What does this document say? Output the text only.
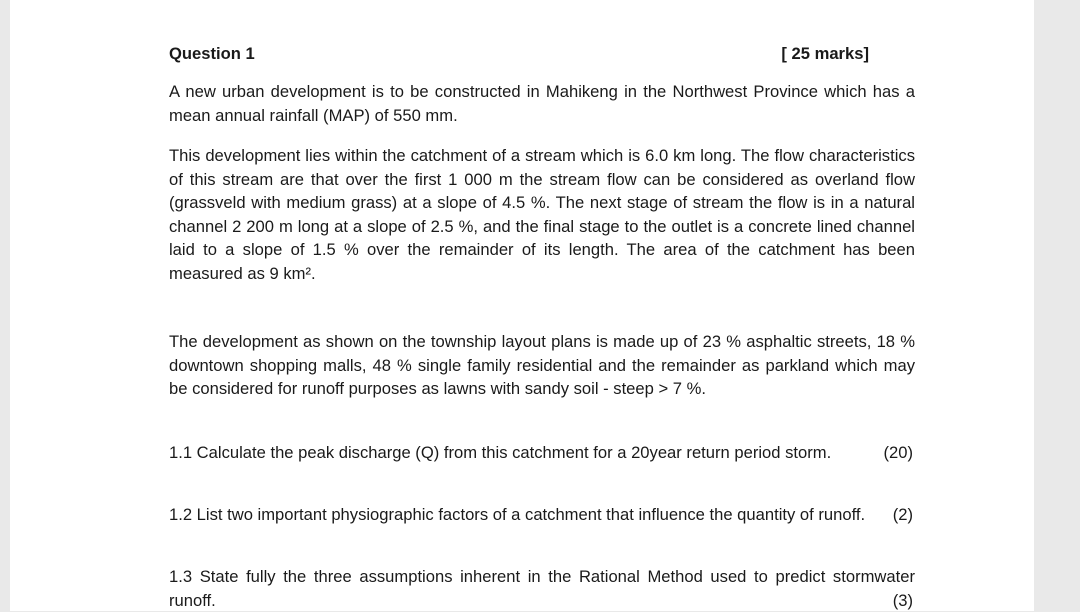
Question 1	[ 25 marks]

A new urban development is to be constructed in Mahikeng in the Northwest Province which has a mean annual rainfall (MAP) of 550 mm.

This development lies within the catchment of a stream which is 6.0 km long. The flow characteristics of this stream are that over the first 1 000 m the stream flow can be considered as overland flow (grassveld with medium grass) at a slope of 4.5 %. The next stage of stream the flow is in a natural channel 2 200 m long at a slope of 2.5 %, and the final stage to the outlet is a concrete lined channel laid to a slope of 1.5 % over the remainder of its length. The area of the catchment has been measured as 9 km².

The development as shown on the township layout plans is made up of 23 % asphaltic streets, 18 % downtown shopping malls, 48 % single family residential and the remainder as parkland which may be considered for runoff purposes as lawns with sandy soil - steep > 7 %.

1.1 Calculate the peak discharge (Q) from this catchment for a 20year return period storm.	(20)
1.2 List two important physiographic factors of a catchment that influence the quantity of runoff.	(2)
1.3 State fully the three assumptions inherent in the Rational Method used to predict stormwater runoff.	(3)
